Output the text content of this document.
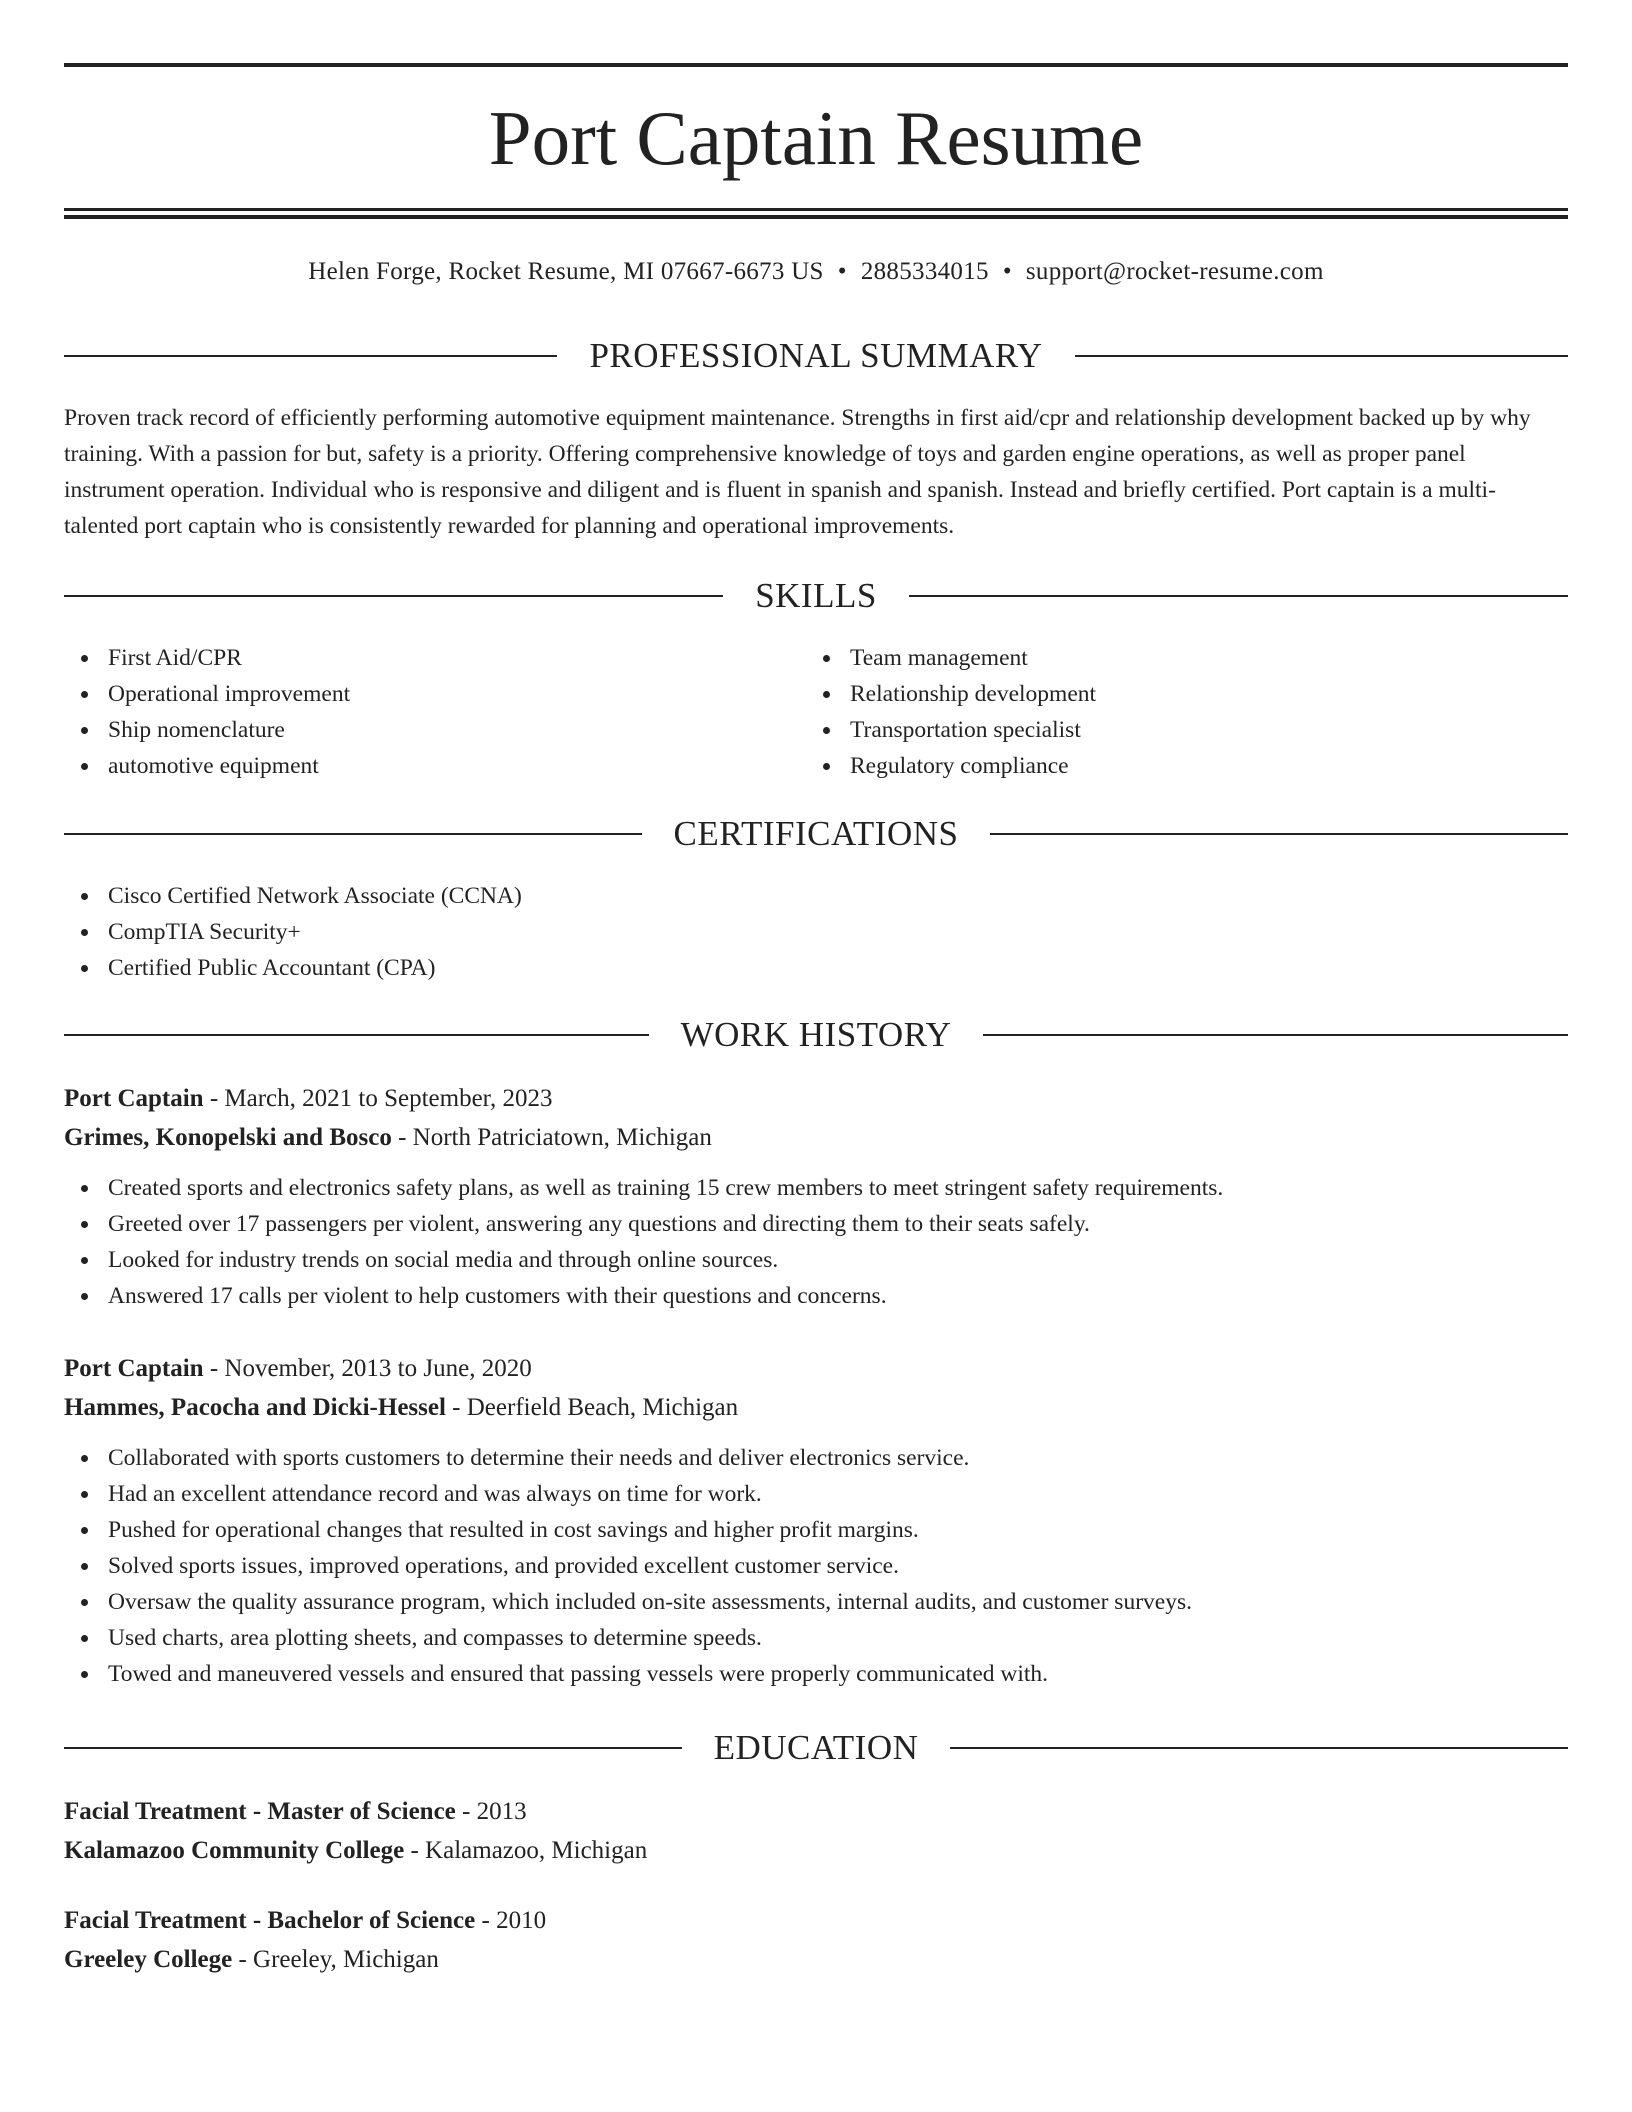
Port Captain Resume
Helen Forge, Rocket Resume, MI 07667-6673 US • 2885334015 • support@rocket-resume.com
PROFESSIONAL SUMMARY

Proven track record of efficiently performing automotive equipment maintenance. Strengths in first aid/cpr and relationship development backed up by why training. With a passion for but, safety is a priority. Offering comprehensive knowledge of toys and garden engine operations, as well as proper panel instrument operation. Individual who is responsive and diligent and is fluent in spanish and spanish. Instead and briefly certified. Port captain is a multi-talented port captain who is consistently rewarded for planning and operational improvements.

SKILLS
First Aid/CPR
Operational improvement
Ship nomenclature
automotive equipment
Team management
Relationship development
Transportation specialist
Regulatory compliance
CERTIFICATIONS
Cisco Certified Network Associate (CCNA)
CompTIA Security+
Certified Public Accountant (CPA)
WORK HISTORY

Port Captain - March, 2021 to September, 2023

Grimes, Konopelski and Bosco - North Patriciatown, Michigan

Created sports and electronics safety plans, as well as training 15 crew members to meet stringent safety requirements.
Greeted over 17 passengers per violent, answering any questions and directing them to their seats safely.
Looked for industry trends on social media and through online sources.
Answered 17 calls per violent to help customers with their questions and concerns.

Port Captain - November, 2013 to June, 2020

Hammes, Pacocha and Dicki-Hessel - Deerfield Beach, Michigan

Collaborated with sports customers to determine their needs and deliver electronics service.
Had an excellent attendance record and was always on time for work.
Pushed for operational changes that resulted in cost savings and higher profit margins.
Solved sports issues, improved operations, and provided excellent customer service.
Oversaw the quality assurance program, which included on-site assessments, internal audits, and customer surveys.
Used charts, area plotting sheets, and compasses to determine speeds.
Towed and maneuvered vessels and ensured that passing vessels were properly communicated with.
EDUCATION

Facial Treatment - Master of Science - 2013

Kalamazoo Community College - Kalamazoo, Michigan

Facial Treatment - Bachelor of Science - 2010

Greeley College - Greeley, Michigan
